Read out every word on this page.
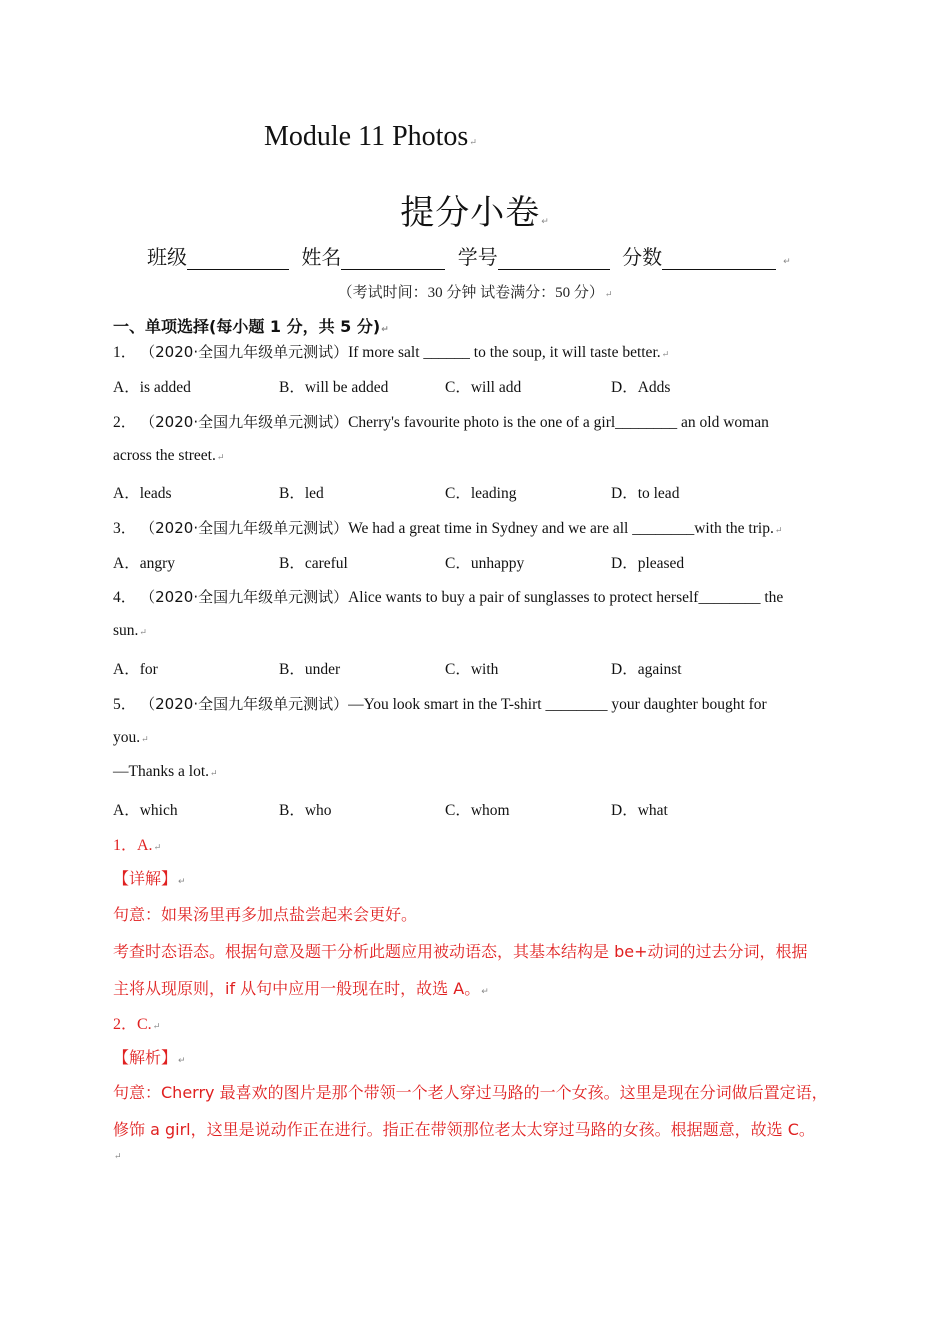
Module 11 Photos↵
提分小卷↵
班级	姓名	学号	分数	↵
（考试时间：30 分钟 试卷满分：50 分）↵
一、单项选择(每小题 1 分，共 5 分)↵
1． （2020·全国九年级单元测试）If more salt ______ to the soup, it will taste better.↵
A．is added	B．will be added	C．will add	D．Adds
2． （2020·全国九年级单元测试）Cherry's favourite photo is the one of a girl________ an old woman
across the street.↵
A．leads	B．led	C．leading	D．to lead
3． （2020·全国九年级单元测试）We had a great time in Sydney and we are all ________with the trip.↵
A．angry	B．careful	C．unhappy	D．pleased
4． （2020·全国九年级单元测试）Alice wants to buy a pair of sunglasses to protect herself________ the
sun.↵
A．for	B．under	C．with	D．against
5． （2020·全国九年级单元测试）—You look smart in the T-shirt ________ your daughter bought for
you.↵
—Thanks a lot.↵
A．which	B．who	C．whom	D．what
1．A.↵
【详解】↵
句意：如果汤里再多加点盐尝起来会更好。
考查时态语态。根据句意及题干分析此题应用被动语态，其基本结构是 be+动词的过去分词，根据
主将从现原则，if 从句中应用一般现在时，故选 A。↵
2．C.↵
【解析】↵
句意：Cherry 最喜欢的图片是那个带领一个老人穿过马路的一个女孩。这里是现在分词做后置定语，
修饰 a girl，这里是说动作正在进行。指正在带领那位老太太穿过马路的女孩。根据题意，故选 C。
↵
